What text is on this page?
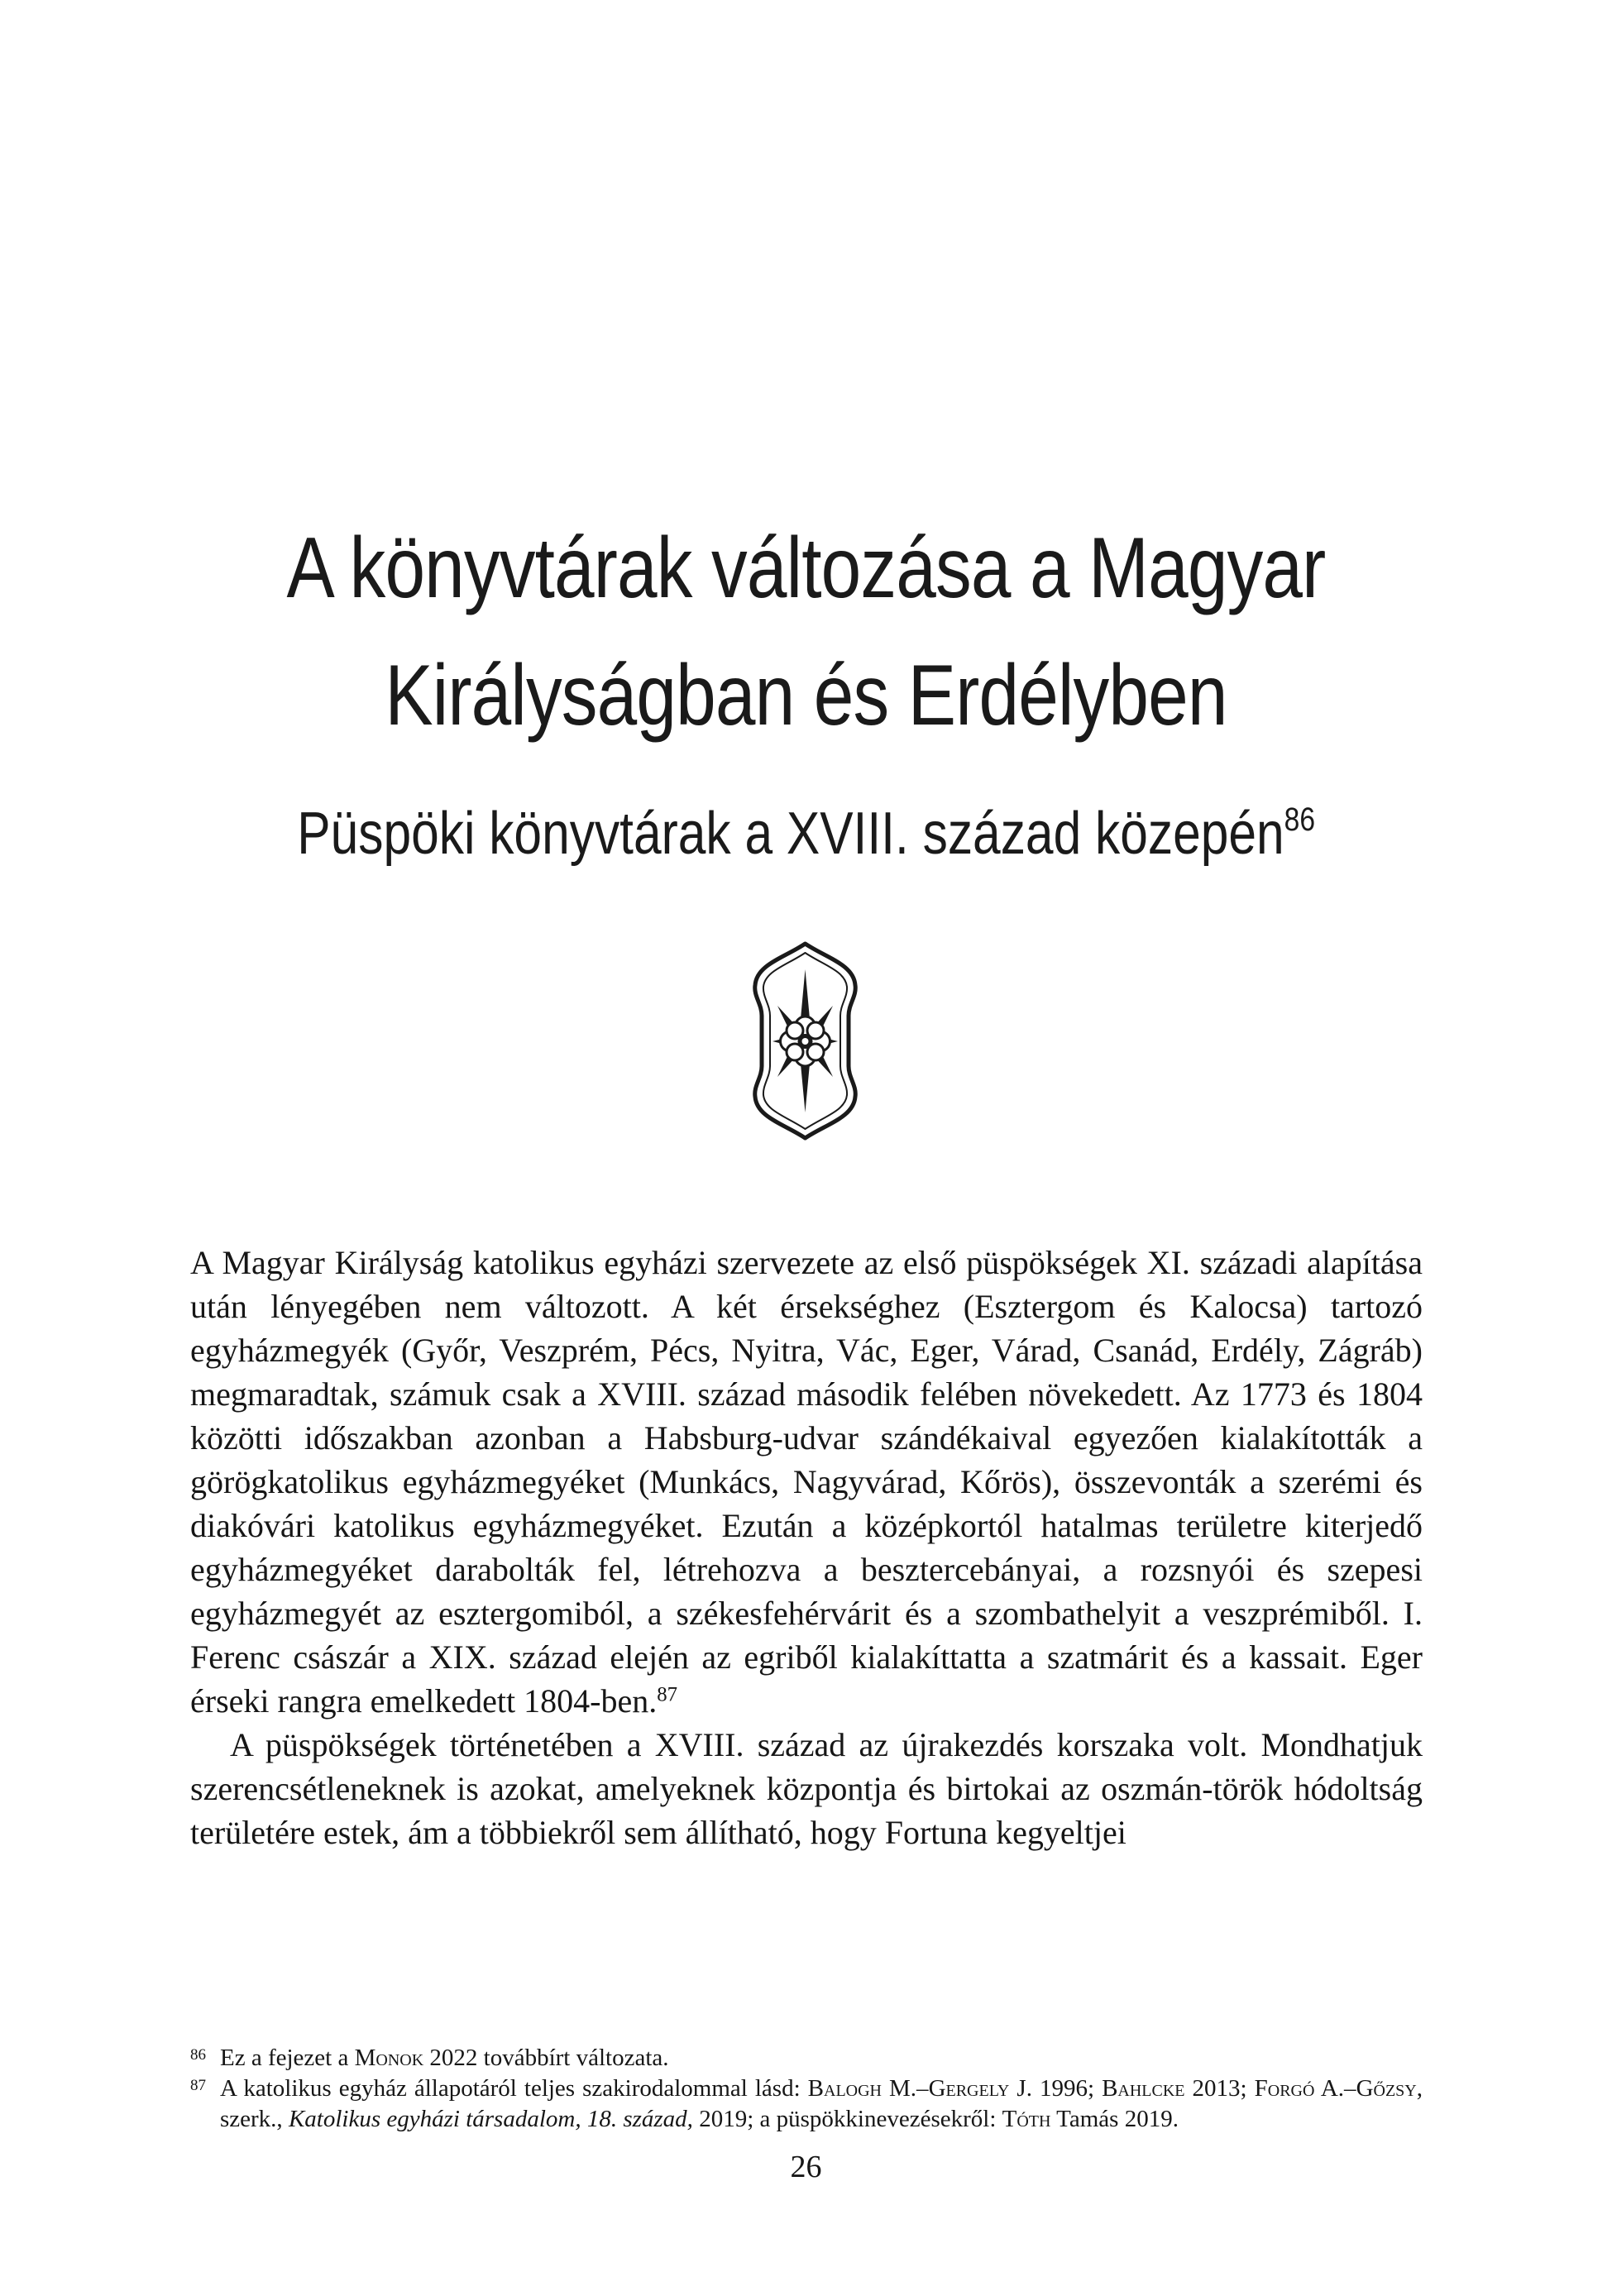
A könyvtárak változása a Magyar
Királyságban és Erdélyben
Püspöki könyvtárak a XVIII. század közepén$^{86}$

A Magyar Királyság katolikus egyházi szervezete az első püspökségek XI. századi alapítása után lényegében nem változott. A két érsekséghez (Esztergom és Kalocsa) tartozó egyházmegyék (Győr, Veszprém, Pécs, Nyitra, Vác, Eger, Várad, Csanád, Erdély, Zágráb) megmaradtak, számuk csak a XVIII. század második felében növekedett. Az 1773 és 1804 közötti időszakban azonban a Habsburg-udvar szándékaival egyezően kialakították a görögkatolikus egyházmegyéket (Munkács, Nagyvárad, Kőrös), összevonták a szerémi és diakóvári katolikus egyházmegyéket. Ezután a középkortól hatalmas területre kiterjedő egyházmegyéket darabolták fel, létrehozva a besztercebányai, a rozsnyói és szepesi egyházmegyét az esztergomiból, a székesfehérvárit és a szombathelyit a veszprémiből. I. Ferenc császár a XIX. század elején az egriből kialakíttatta a szatmárit és a kassait. Eger érseki rangra emelkedett 1804-ben.$^{87}$

A püspökségek történetében a XVIII. század az újrakezdés korszaka volt. Mondhatjuk szerencsétleneknek is azokat, amelyeknek központja és birtokai az oszmán-török hódoltság területére estek, ám a többiekről sem állítható, hogy Fortuna kegyeltjei

86 Ez a fejezet a Monok 2022 továbbírt változata.
87 A katolikus egyház állapotáról teljes szakirodalommal lásd: Balogh M.–Gergely J. 1996; Bahlcke 2013; Forgó A.–Gőzsy, szerk., Katolikus egyházi társadalom, 18. század, 2019; a püspökkinevezésekről: Tóth Tamás 2019.
26
